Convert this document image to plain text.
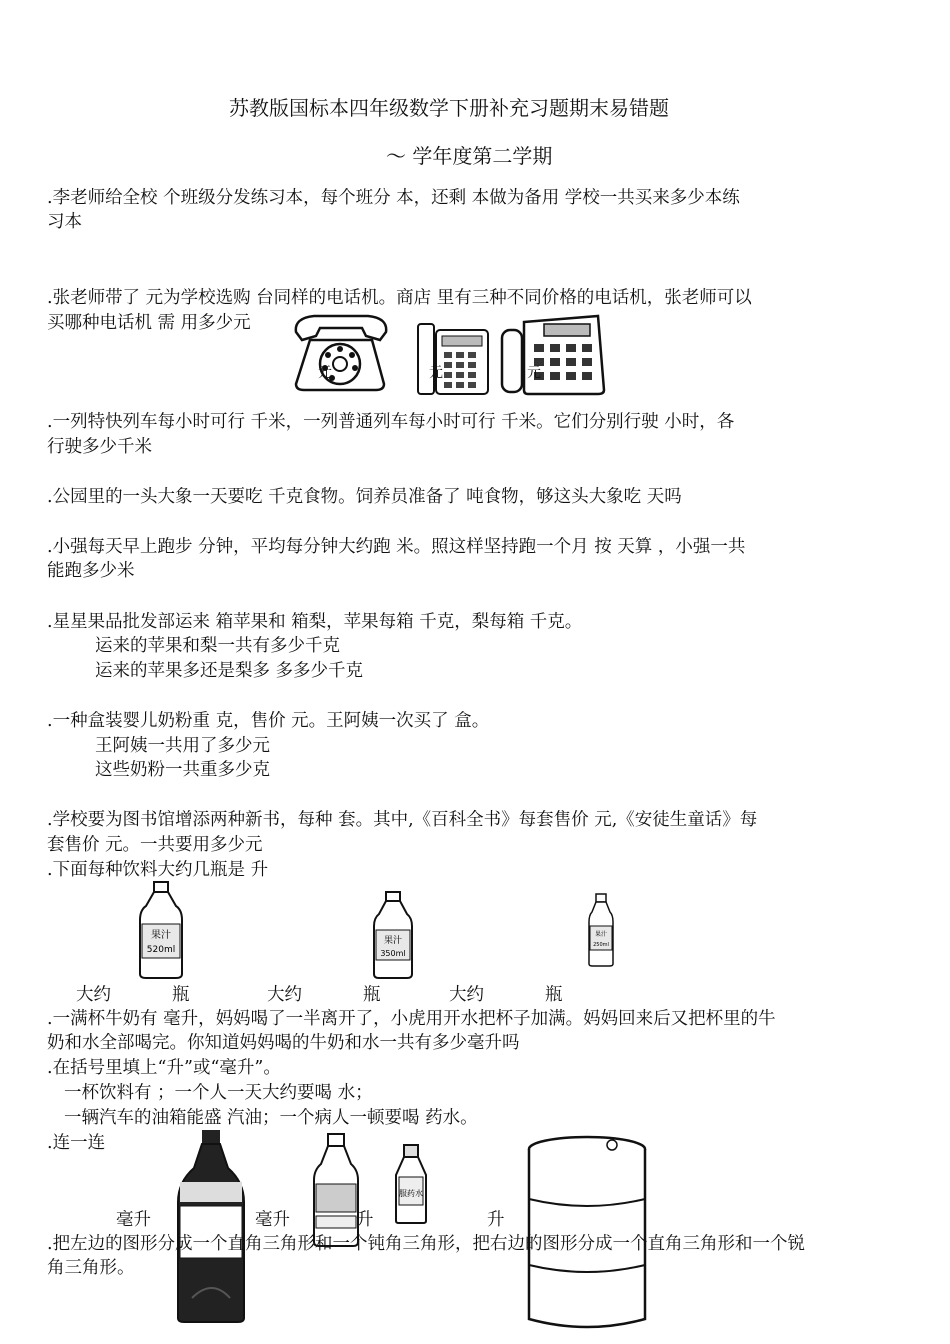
苏教版国标本四年级数学下册补充习题期末易错题
～ 学年度第二学期
.李老师给全校 个班级分发练习本，每个班分 本，还剩 本做为备用 学校一共买来多少本练
习本
.张老师带了 元为学校选购 台同样的电话机。商店 里有三种不同价格的电话机，张老师可以
买哪种电话机 需 用多少元
元	元	元
.一列特快列车每小时可行 千米，一列普通列车每小时可行 千米。它们分别行驶 小时，各
行驶多少千米
.公园里的一头大象一天要吃 千克食物。饲养员准备了 吨食物，够这头大象吃 天吗
.小强每天早上跑步 分钟，平均每分钟大约跑 米。照这样坚持跑一个月 按 天算 ，小强一共
能跑多少米
.星星果品批发部运来 箱苹果和 箱梨，苹果每箱 千克，梨每箱 千克。
运来的苹果和梨一共有多少千克
运来的苹果多还是梨多 多多少千克
.一种盒装婴儿奶粉重 克，售价 元。王阿姨一次买了 盒。
王阿姨一共用了多少元
这些奶粉一共重多少克
.学校要为图书馆增添两种新书，每种 套。其中,《百科全书》每套售价 元,《安徒生童话》每
套售价 元。一共要用多少元
.下面每种饮料大约几瓶是 升
果汁
520ml
果汁
350ml
果汁
250ml
大约	瓶	大约	瓶	大约	瓶
.一满杯牛奶有 毫升，妈妈喝了一半离开了，小虎用开水把杯子加满。妈妈回来后又把杯里的牛
奶和水全部喝完。你知道妈妈喝的牛奶和水一共有多少毫升吗
.在括号里填上“升”或“毫升”。
一杯饮料有 ；一个人一天大约要喝 水；
一辆汽车的油箱能盛 汽油；一个病人一顿要喝 药水。
.连一连
服药水
毫升	毫升	升	升
.把左边的图形分成一个直角三角形和一个钝角三角形，把右边的图形分成一个直角三角形和一个锐
角三角形。
